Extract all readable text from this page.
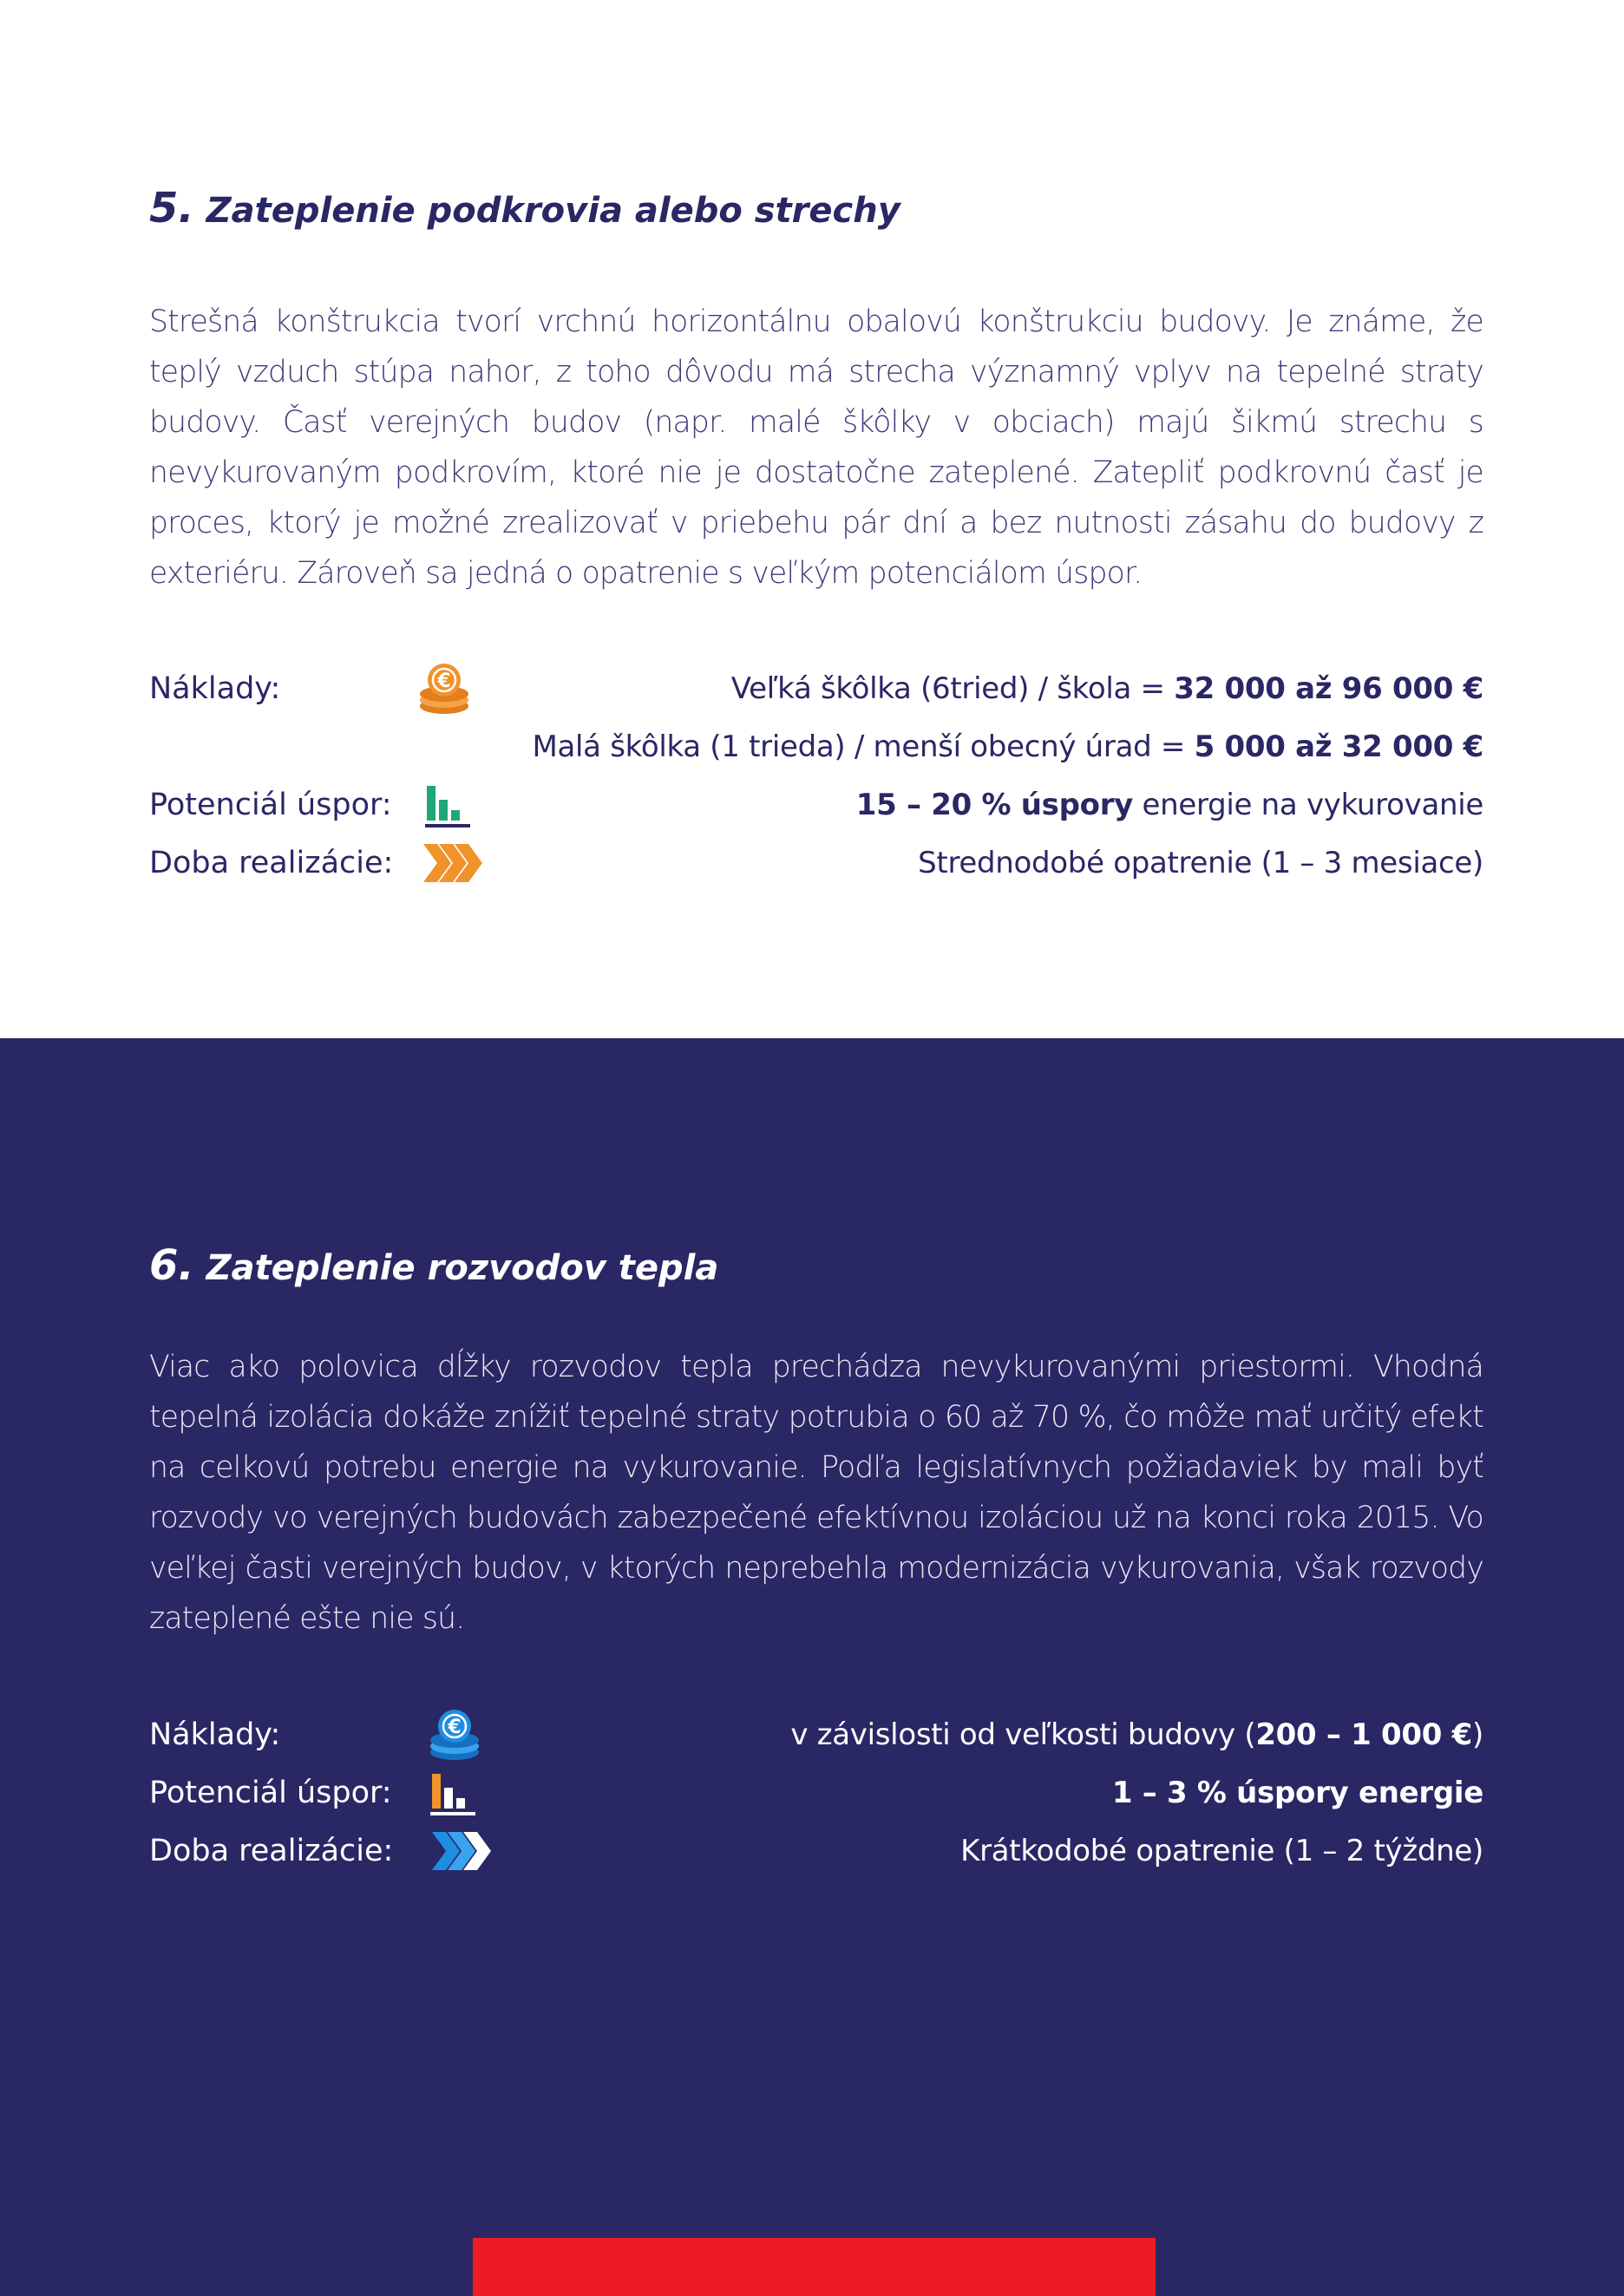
5. Zateplenie podkrovia alebo strechy

Strešná konštrukcia tvorí vrchnú horizontálnu obalovú konštrukciu budovy. Je známe, že teplý vzduch stúpa nahor, z toho dôvodu má strecha významný vplyv na tepelné straty budovy. Časť verejných budov (napr. malé škôlky v obciach) majú šikmú strechu s nevykurovaným podkrovím, ktoré nie je dostatočne zateplené. Zatepliť podkrovnú časť je proces, ktorý je možné zrealizovať v priebehu pár dní a bez nutnosti zásahu do budovy z exteriéru. Zároveň sa jedná o opatrenie s veľkým potenciálom úspor.

Náklady:	€	Veľká škôlka (6tried) / škola = 32 000 až 96 000 €
Malá škôlka (1 trieda) / menší obecný úrad = 5 000 až 32 000 €
Potenciál úspor:	15 – 20 % úspory energie na vykurovanie
Doba realizácie:	Strednodobé opatrenie (1 – 3 mesiace)
6. Zateplenie rozvodov tepla

Viac ako polovica dĺžky rozvodov tepla prechádza nevykurovanými priestormi. Vhodná tepelná izolácia dokáže znížiť tepelné straty potrubia o 60 až 70 %, čo môže mať určitý efekt na celkovú potrebu energie na vykurovanie. Podľa legislatívnych požiadaviek by mali byť rozvody vo verejných budovách zabezpečené efektívnou izoláciou už na konci roka 2015. Vo veľkej časti verejných budov, v ktorých neprebehla modernizácia vykurovania, však rozvody zateplené ešte nie sú.

Náklady:	€	v závislosti od veľkosti budovy (200 – 1 000 €)
Potenciál úspor:	1 – 3 % úspory energie
Doba realizácie:	Krátkodobé opatrenie (1 – 2 týždne)
